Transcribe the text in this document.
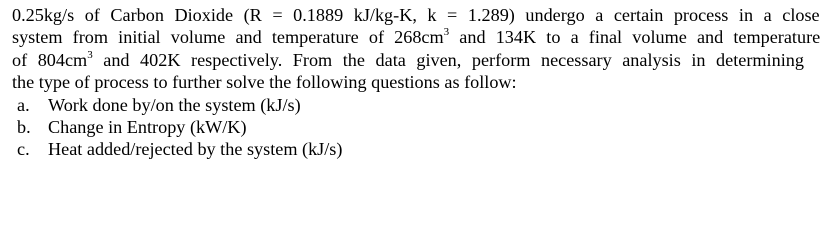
0.25kg/s of Carbon Dioxide (R = 0.1889 kJ/kg-K, k = 1.289) undergo a certain process in a close
system from initial volume and temperature of $268cm^3$ and 134K to a final volume and temperature
of $804cm^3$ and 402K respectively. From the data given, perform necessary analysis in determining
the type of process to further solve the following questions as follow:
a. Work done by/on the system (kJ/s)
b. Change in Entropy (kW/K)
c. Heat added/rejected by the system (kJ/s)
